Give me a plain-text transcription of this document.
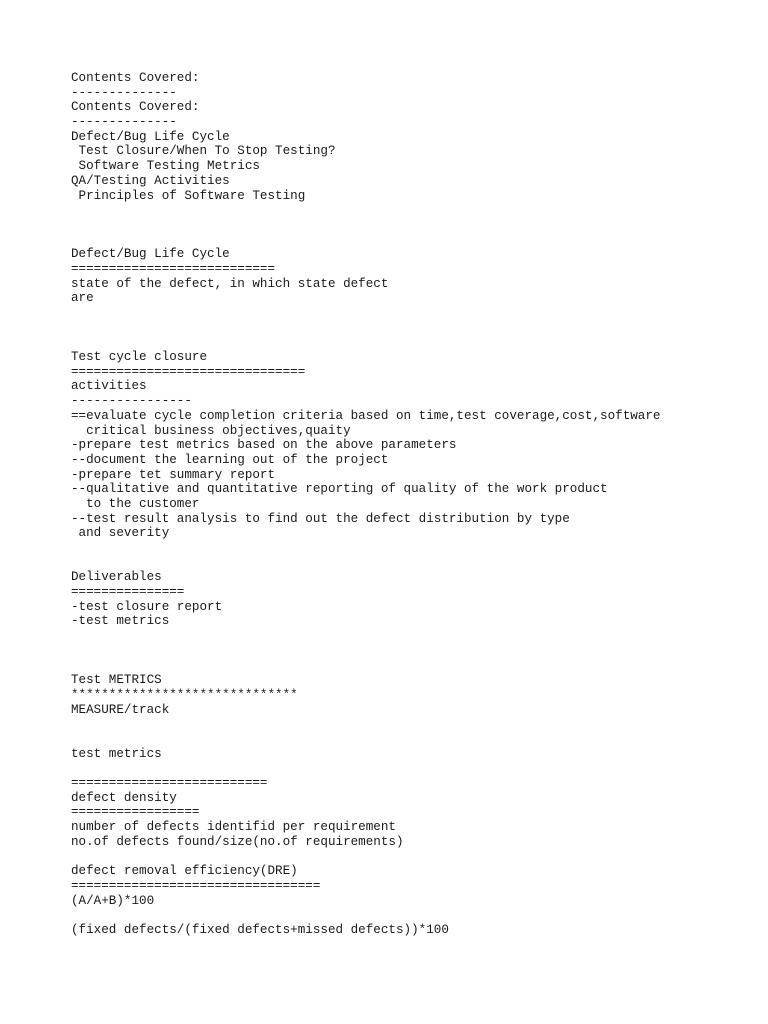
Contents Covered:
--------------
Contents Covered:
--------------
Defect/Bug Life Cycle
Test Closure/When To Stop Testing?
Software Testing Metrics
QA/Testing Activities
Principles of Software Testing
Defect/Bug Life Cycle
===========================
state of the defect, in which state defect
are
Test cycle closure
===============================
activities
----------------
==evaluate cycle completion criteria based on time,test coverage,cost,software
critical business objectives,quaity
-prepare test metrics based on the above parameters
--document the learning out of the project
-prepare tet summary report
--qualitative and quantitative reporting of quality of the work product
to the customer
--test result analysis to find out the defect distribution by type
and severity
Deliverables
===============
-test closure report
-test metrics
Test METRICS
******************************
MEASURE/track
test metrics
==========================
defect density
=================
number of defects identifid per requirement
no.of defects found/size(no.of requirements)
defect removal efficiency(DRE)
=================================
(A/A+B)*100
(fixed defects/(fixed defects+missed defects))*100
